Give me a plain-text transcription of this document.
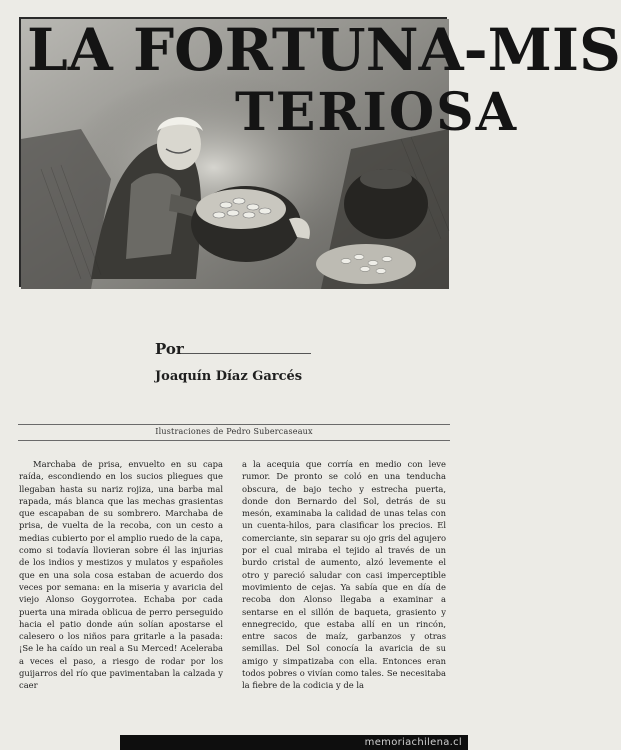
LA FORTUNA-MIS
TERIOSA
Por
Joaquín Díaz Garcés
Ilustraciones de Pedro Subercaseaux

Marchaba de prisa, envuelto en su capa raída, escondiendo en los sucios pliegues que llegaban hasta su nariz rojiza, una barba mal rapada, más blanca que las mechas grasientas que escapaban de su sombrero. Marchaba de prisa, de vuelta de la recoba, con un cesto a medias cubierto por el amplio ruedo de la capa, como si todavía llovieran sobre él las injurias de los indios y mestizos y mulatos y españoles que en una sola cosa estaban de acuerdo dos veces por semana: en la miseria y avaricia del viejo Alonso Goygorrotea. Echaba por cada puerta una mirada oblicua de perro perseguido hacia el patio donde aún solían apostarse el calesero o los niños para gritarle a la pasada: ¡Se le ha caído un real a Su Merced! Aceleraba a veces el paso, a riesgo de rodar por los guijarros del río que pavimentaban la calzada y caer

a la acequia que corría en medio con leve rumor. De pronto se coló en una tenducha obscura, de bajo techo y estrecha puerta, donde don Bernardo del Sol, detrás de su mesón, examinaba la calidad de unas telas con un cuenta-hilos, para clasificar los precios. El comerciante, sin separar su ojo gris del agujero por el cual miraba el tejido al través de un burdo cristal de aumento, alzó levemente el otro y pareció saludar con casi imperceptible movimiento de cejas. Ya sabía que en día de recoba don Alonso llegaba a examinar a sentarse en el sillón de baqueta, grasiento y ennegrecido, que estaba allí en un rincón, entre sacos de maíz, garbanzos y otras semillas. Del Sol conocía la avaricia de su amigo y simpatizaba con ella. Entonces eran todos pobres o vivían como tales. Se necesitaba la fiebre de la codicia y de la

memoriachilena.cl
